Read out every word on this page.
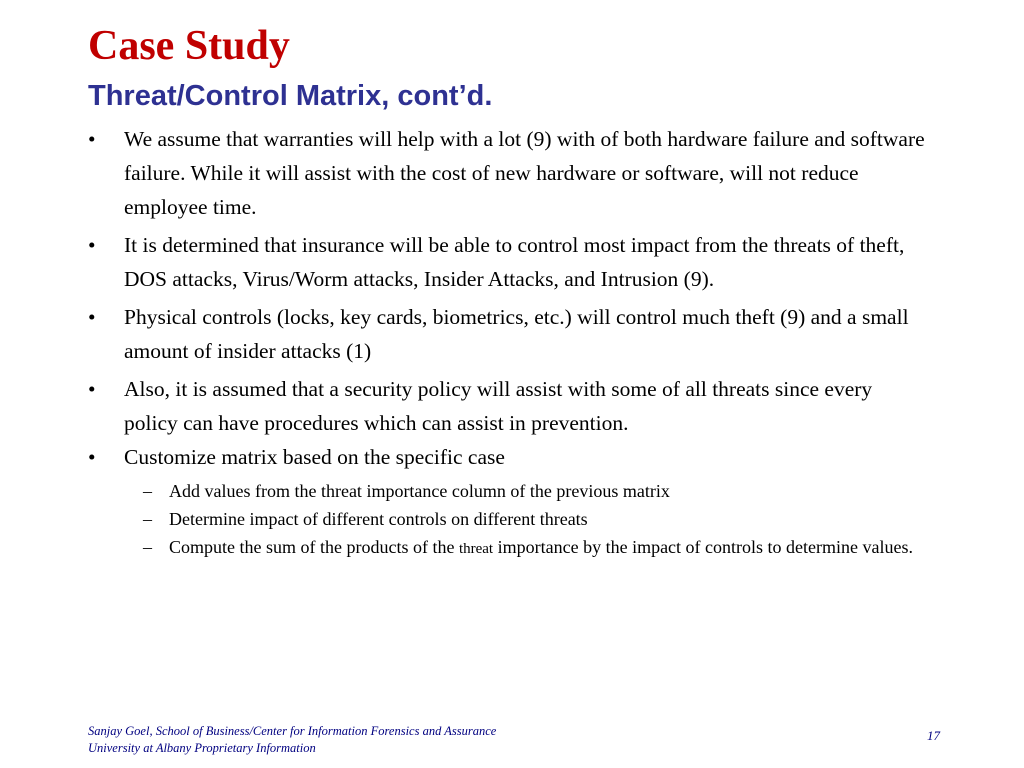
Case Study
Threat/Control Matrix, cont’d.
• We assume that warranties will help with a lot (9) with of both hardware failure and software failure. While it will assist with the cost of new hardware or software, will not reduce employee time.
• It is determined that insurance will be able to control most impact from the threats of theft, DOS attacks, Virus/Worm attacks, Insider Attacks, and Intrusion (9).
• Physical controls (locks, key cards, biometrics, etc.) will control much theft (9) and a small amount of insider attacks (1)
• Also, it is assumed that a security policy will assist with some of all threats since every policy can have procedures which can assist in prevention.
• Customize matrix based on the specific case
– Add values from the threat importance column of the previous matrix
– Determine impact of different controls on different threats
– Compute the sum of the products of the threat importance by the impact of controls to determine values.
Sanjay Goel, School of Business/Center for Information Forensics and Assurance
University at Albany Proprietary Information
17
